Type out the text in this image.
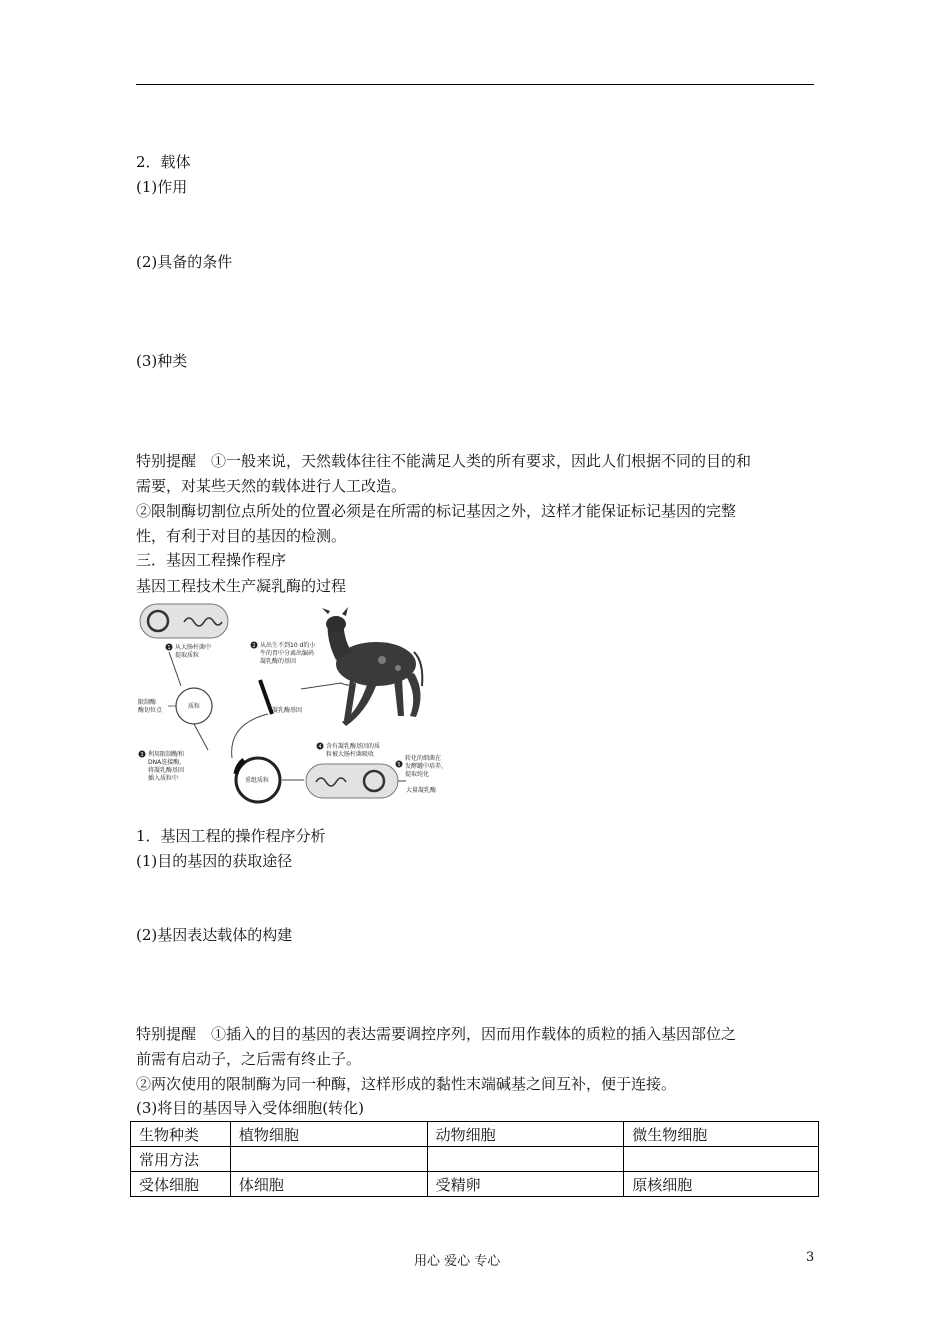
2．载体
(1)作用
(2)具备的条件
(3)种类
特别提醒　①一般来说，天然载体往往不能满足人类的所有要求，因此人们根据不同的目的和
需要，对某些天然的载体进行人工改造。
②限制酶切割位点所处的位置必须是在所需的标记基因之外，这样才能保证标记基因的完整
性，有利于对目的基因的检测。
三．基因工程操作程序
基因工程技术生产凝乳酶的过程
1 从大肠杆菌中
提取质粒
2 从出生不到10 d的小
牛的胃中分离出编码
凝乳酶的基因
凝乳酶基因
限制酶
酶切位点
质粒
3 利用限制酶和
DNA连接酶，
将凝乳酶基因
插入质粒中	重组质粒
4 含有凝乳酶基因的质
粒被大肠杆菌吸收
5
转化的细菌在
发酵罐中培养、
提取纯化
大量凝乳酶
1．基因工程的操作程序分析
(1)目的基因的获取途径
(2)基因表达载体的构建
特别提醒　①插入的目的基因的表达需要调控序列，因而用作载体的质粒的插入基因部位之
前需有启动子，之后需有终止子。
②两次使用的限制酶为同一种酶，这样形成的黏性末端碱基之间互补，便于连接。
(3)将目的基因导入受体细胞(转化)
生物种类	植物细胞	动物细胞	微生物细胞
常用方法			
受体细胞	体细胞	受精卵	原核细胞
用心 爱心 专心	3
